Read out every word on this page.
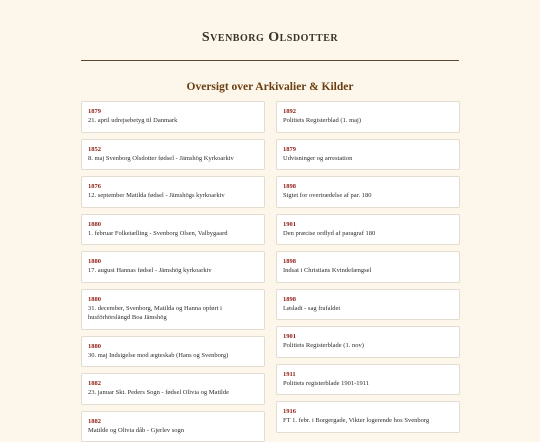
Svenborg Olsdotter
Oversigt over Arkivalier & Kilder
1879
21. april udrejsebetyg til Danmark
1852
8. maj Svenborg Olsdotter fødsel - Jämshög Kyrkoarkiv
1876
12. september Matilda fødsel - Jämshögs kyrkoarkiv
1880
1. februar Folketælling - Svenborg Olsen, Valbygaard
1880
17. august Hannas fødsel - Jämshög kyrkoarkiv
1880
31. december, Svenborg, Matilda og Hanna opført i husförhörslängd Boa Jämshög
1880
30. maj Indsigelse mod ægteskab (Hans og Svenborg)
1882
23. januar Skt. Peders Sogn - fødsel Olivia og Matilde
1882
Matilde og Olivia dåb - Gjerlev sogn
1892
Politiets Registerblad (1. maj)
1879
Udvisninger og arrestation
1898
Sigtet for overtrædelse af par. 180
1901
Den præcise ordlyd af paragraf 180
1898
Indsat i Christians Kvindefængsel
1898
Løsladt - sag frafaldet
1901
Politiets Registerblade (1. nov)
1911
Politiets registerblade 1901-1911
1916
FT 1. febr. i Borgergade, Vikter logerende hos Svenborg
